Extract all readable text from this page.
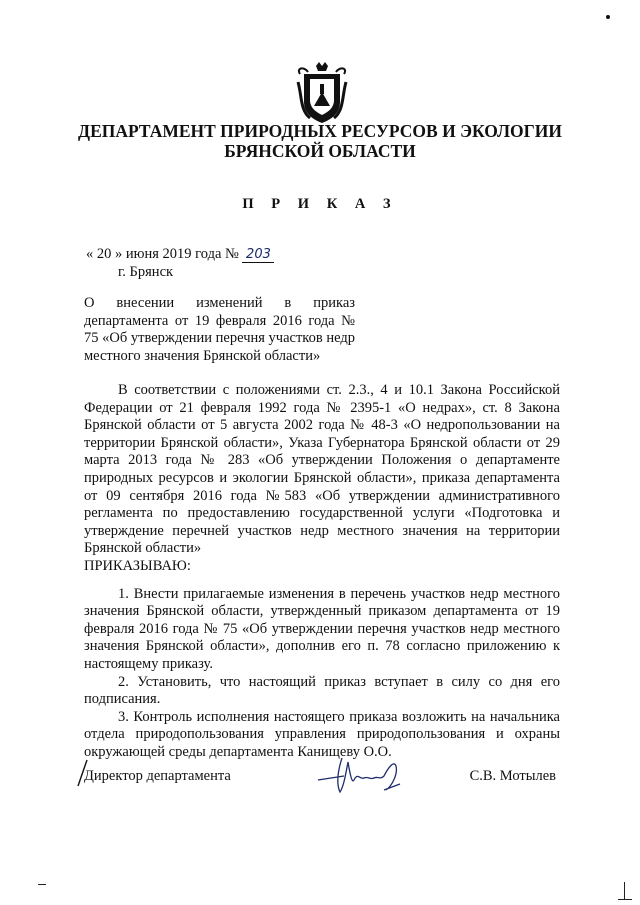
ДЕПАРТАМЕНТ ПРИРОДНЫХ РЕСУРСОВ И ЭКОЛОГИИ
БРЯНСКОЙ ОБЛАСТИ
П Р И К А З
« 20 » июня 2019 года № 203
г. Брянск
О внесении изменений в приказ департамента от 19 февраля 2016 года № 75 «Об утверждении перечня участков недр местного значения Брянской области»

В соответствии с положениями ст. 2.3., 4 и 10.1 Закона Российской Федерации от 21 февраля 1992 года № 2395-1 «О недрах», ст. 8 Закона Брянской области от 5 августа 2002 года № 48-3 «О недропользовании на территории Брянской области», Указа Губернатора Брянской области от 29 марта 2013 года № 283 «Об утверждении Положения о департаменте природных ресурсов и экологии Брянской области», приказа департамента от 09 сентября 2016 года №583 «Об утверждении административного регламента по предоставлению государственной услуги «Подготовка и утверждение перечней участков недр местного значения на территории Брянской области»

ПРИКАЗЫВАЮ:

1. Внести прилагаемые изменения в перечень участков недр местного значения Брянской области, утвержденный приказом департамента от 19 февраля 2016 года № 75 «Об утверждении перечня участков недр местного значения Брянской области», дополнив его п. 78 согласно приложению к настоящему приказу.

2. Установить, что настоящий приказ вступает в силу со дня его подписания.

3. Контроль исполнения настоящего приказа возложить на начальника отдела природопользования управления природопользования и охраны окружающей среды департамента Канищеву О.О.

Директор департамента	С.В. Мотылев
